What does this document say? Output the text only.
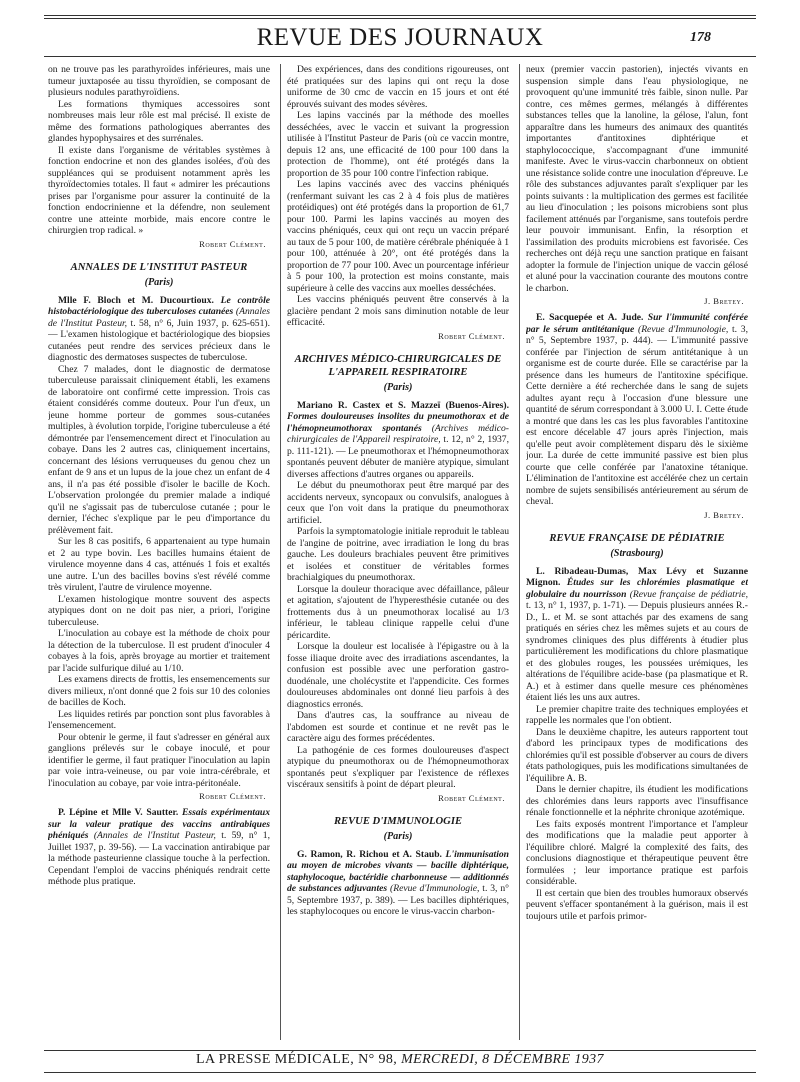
REVUE DES JOURNAUX	178

on ne trouve pas les parathyroïdes inférieures, mais une tumeur juxtaposée au tissu thyroïdien, se composant de plusieurs nodules parathyroïdiens.

Les formations thymiques accessoires sont nombreuses mais leur rôle est mal précisé. Il existe de même des formations pathologiques aberrantes des glandes hypophysaires et des surrénales.

Il existe dans l'organisme de véritables systèmes à fonction endocrine et non des glandes isolées, d'où des suppléances qui se produisent notamment après les thyroïdectomies totales. Il faut « admirer les précautions prises par l'organisme pour assurer la continuité de la fonction endocrinienne et la défendre, non seulement contre une atteinte morbide, mais encore contre le chirurgien trop radical. »

Robert Clément.
ANNALES DE L'INSTITUT PASTEUR
(Paris)

Mlle F. Bloch et M. Ducourtioux. Le contrôle histobactériologique des tuberculoses cutanées (Annales de l'Institut Pasteur, t. 58, n° 6, Juin 1937, p. 625-651). — L'examen histologique et bactériologique des biopsies cutanées peut rendre des services précieux dans le diagnostic des dermatoses suspectes de tuberculose.

Chez 7 malades, dont le diagnostic de dermatose tuberculeuse paraissait cliniquement établi, les examens de laboratoire ont confirmé cette impression. Trois cas étaient considérés comme douteux. Pour l'un d'eux, un jeune homme porteur de gommes sous-cutanées multiples, à évolution torpide, l'origine tuberculeuse a été démontrée par l'ensemencement direct et l'inoculation au cobaye. Dans les 2 autres cas, cliniquement incertains, concernant des lésions verruqueuses du genou chez un enfant de 9 ans et un lupus de la joue chez un enfant de 4 ans, il n'a pas été possible d'isoler le bacille de Koch. L'observation prolongée du premier malade a indiqué qu'il ne s'agissait pas de tuberculose cutanée ; pour le dernier, l'échec s'explique par le peu d'importance du prélèvement fait.

Sur les 8 cas positifs, 6 appartenaient au type humain et 2 au type bovin. Les bacilles humains étaient de virulence moyenne dans 4 cas, atténués 1 fois et exaltés une autre. L'un des bacilles bovins s'est révélé comme très virulent, l'autre de virulence moyenne.

L'examen histologique montre souvent des aspects atypiques dont on ne doit pas nier, a priori, l'origine tuberculeuse.

L'inoculation au cobaye est la méthode de choix pour la détection de la tuberculose. Il est prudent d'inoculer 4 cobayes à la fois, après broyage au mortier et traitement par l'acide sulfurique dilué au 1/10.

Les examens directs de frottis, les ensemencements sur divers milieux, n'ont donné que 2 fois sur 10 des colonies de bacilles de Koch.

Les liquides retirés par ponction sont plus favorables à l'ensemencement.

Pour obtenir le germe, il faut s'adresser en général aux ganglions prélevés sur le cobaye inoculé, et pour identifier le germe, il faut pratiquer l'inoculation au lapin par voie intra-veineuse, ou par voie intra-cérébrale, et l'inoculation au cobaye, par voie intra-péritonéale.

Robert Clément.

P. Lépine et Mlle V. Sautter. Essais expérimentaux sur la valeur pratique des vaccins antirabiques phéniqués (Annales de l'Institut Pasteur, t. 59, n° 1, Juillet 1937, p. 39-56). — La vaccination antirabique par la méthode pasteurienne classique touche à la perfection. Cependant l'emploi de vaccins phéniqués rendrait cette méthode plus pratique.

Des expériences, dans des conditions rigoureuses, ont été pratiquées sur des lapins qui ont reçu la dose uniforme de 30 cmc de vaccin en 15 jours et ont été éprouvés suivant des modes sévères.

Les lapins vaccinés par la méthode des moelles desséchées, avec le vaccin et suivant la progression utilisée à l'Institut Pasteur de Paris (où ce vaccin montre, depuis 12 ans, une efficacité de 100 pour 100 dans la protection de l'homme), ont été protégés dans la proportion de 35 pour 100 contre l'infection rabique.

Les lapins vaccinés avec des vaccins phéniqués (renfermant suivant les cas 2 à 4 fois plus de matières protéidiques) ont été protégés dans la proportion de 61,7 pour 100. Parmi les lapins vaccinés au moyen des vaccins phéniqués, ceux qui ont reçu un vaccin préparé au taux de 5 pour 100, de matière cérébrale phéniquée à 1 pour 100, atténuée à 20°, ont été protégés dans la proportion de 77 pour 100. Avec un pourcentage inférieur à 5 pour 100, la protection est moins constante, mais supérieure à celle des vaccins aux moelles desséchées.

Les vaccins phéniqués peuvent être conservés à la glacière pendant 2 mois sans diminution notable de leur efficacité.

Robert Clément.
ARCHIVES MÉDICO-CHIRURGICALES DE L'APPAREIL RESPIRATOIRE
(Paris)

Mariano R. Castex et S. Mazzeï (Buenos-Aires). Formes douloureuses insolites du pneumothorax et de l'hémopneumothorax spontanés (Archives médico-chirurgicales de l'Appareil respiratoire, t. 12, n° 2, 1937, p. 111-121). — Le pneumothorax et l'hémopneumothorax spontanés peuvent débuter de manière atypique, simulant diverses affections d'autres organes ou appareils.

Le début du pneumothorax peut être marqué par des accidents nerveux, syncopaux ou convulsifs, analogues à ceux que l'on voit dans la pratique du pneumothorax artificiel.

Parfois la symptomatologie initiale reproduit le tableau de l'angine de poitrine, avec irradiation le long du bras gauche. Les douleurs brachiales peuvent être primitives et isolées et constituer de véritables formes brachialgiques du pneumothorax.

Lorsque la douleur thoracique avec défaillance, pâleur et agitation, s'ajoutent de l'hyperesthésie cutanée ou des frottements dus à un pneumothorax localisé au 1/3 inférieur, le tableau clinique rappelle celui d'une péricardite.

Lorsque la douleur est localisée à l'épigastre ou à la fosse iliaque droite avec des irradiations ascendantes, la confusion est possible avec une perforation gastro-duodénale, une cholécystite et l'appendicite. Ces formes douloureuses abdominales ont donné lieu parfois à des diagnostics erronés.

Dans d'autres cas, la souffrance au niveau de l'abdomen est sourde et continue et ne revêt pas le caractère aigu des formes précédentes.

La pathogénie de ces formes douloureuses d'aspect atypique du pneumothorax ou de l'hémopneumothorax spontanés peut s'expliquer par l'existence de réflexes viscéraux sensitifs à point de départ pleural.

Robert Clément.
REVUE D'IMMUNOLOGIE
(Paris)

G. Ramon, R. Richou et A. Staub. L'immunisation au moyen de microbes vivants — bacille diphtérique, staphylocoque, bactéridie charbonneuse — additionnés de substances adjuvantes (Revue d'Immunologie, t. 3, n° 5, Septembre 1937, p. 389). — Les bacilles diphtériques, les staphylocoques ou encore le virus-vaccin charbon-

neux (premier vaccin pastorien), injectés vivants en suspension simple dans l'eau physiologique, ne provoquent qu'une immunité très faible, sinon nulle. Par contre, ces mêmes germes, mélangés à différentes substances telles que la lanoline, la gélose, l'alun, font apparaître dans les humeurs des animaux des quantités importantes d'antitoxines diphtérique et staphylococcique, s'accompagnant d'une immunité manifeste. Avec le virus-vaccin charbonneux on obtient une résistance solide contre une inoculation d'épreuve. Le rôle des substances adjuvantes paraît s'expliquer par les points suivants : la multiplication des germes est facilitée au lieu d'inoculation ; les poisons microbiens sont plus facilement atténués par l'organisme, sans toutefois perdre leur pouvoir immunisant. Enfin, la résorption et l'assimilation des produits microbiens est favorisée. Ces recherches ont déjà reçu une sanction pratique en faisant adopter la formule de l'injection unique de vaccin gélosé et aluné pour la vaccination courante des moutons contre le charbon.

J. Bretey.

E. Sacquepée et A. Jude. Sur l'immunité conférée par le sérum antitétanique (Revue d'Immunologie, t. 3, n° 5, Septembre 1937, p. 444). — L'immunité passive conférée par l'injection de sérum antitétanique à un organisme est de courte durée. Elle se caractérise par la présence dans les humeurs de l'antitoxine spécifique. Cette dernière a été recherchée dans le sang de sujets adultes ayant reçu à l'occasion d'une blessure une quantité de sérum correspondant à 3.000 U. I. Cette étude a montré que dans les cas les plus favorables l'antitoxine est encore décelable 47 jours après l'injection, mais qu'elle peut avoir complètement disparu dès le sixième jour. La durée de cette immunité passive est bien plus courte que celle conférée par l'anatoxine tétanique. L'élimination de l'antitoxine est accélérée chez un certain nombre de sujets sensibilisés antérieurement au sérum de cheval.

J. Bretey.
REVUE FRANÇAISE DE PÉDIATRIE
(Strasbourg)

L. Ribadeau-Dumas, Max Lévy et Suzanne Mignon. Études sur les chlorémies plasmatique et globulaire du nourrisson (Revue française de pédiatrie, t. 13, n° 1, 1937, p. 1-71). — Depuis plusieurs années R.-D., L. et M. se sont attachés par des examens de sang pratiqués en séries chez les mêmes sujets et au cours de syndromes cliniques des plus différents à étudier plus particulièrement les modifications du chlore plasmatique et des globules rouges, les poussées urémiques, les altérations de l'équilibre acide-base (pa plasmatique et R. A.) et à estimer dans quelle mesure ces phénomènes étaient liés les uns aux autres.

Le premier chapitre traite des techniques employées et rappelle les normales que l'on obtient.

Dans le deuxième chapitre, les auteurs rapportent tout d'abord les principaux types de modifications des chlorémies qu'il est possible d'observer au cours de divers états pathologiques, puis les modifications simultanées de l'équilibre A. B.

Dans le dernier chapitre, ils étudient les modifications des chlorémies dans leurs rapports avec l'insuffisance rénale fonctionnelle et la néphrite chronique azotémique.

Les faits exposés montrent l'importance et l'ampleur des modifications que la maladie peut apporter à l'équilibre chloré. Malgré la complexité des faits, des conclusions diagnostique et thérapeutique peuvent être formulées ; leur importance pratique est parfois considérable.

Il est certain que bien des troubles humoraux observés peuvent s'effacer spontanément à la guérison, mais il est toujours utile et parfois primor-

LA PRESSE MÉDICALE, N° 98, MERCREDI, 8 DÉCEMBRE 1937
